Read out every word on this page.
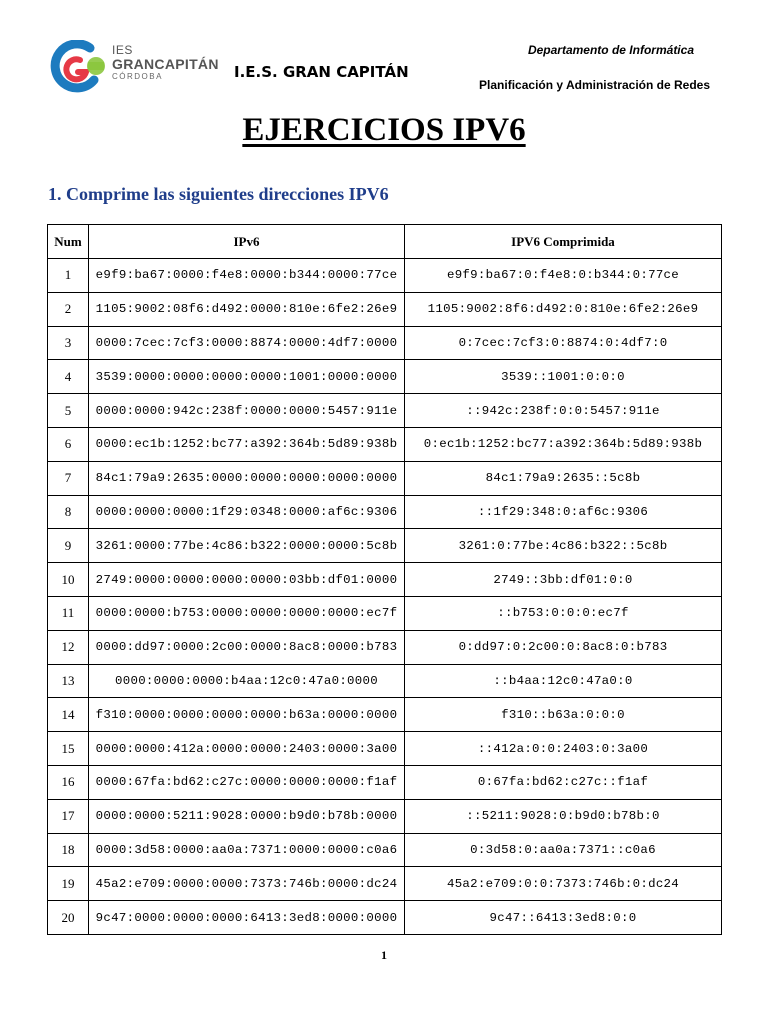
IES
GRANCAPITÁN
CÓRDOBA	I.E.S. GRAN CAPITÁN
Departamento de Informática
Planificación y Administración de Redes
EJERCICIOS IPV6
1. Comprime las siguientes direcciones IPV6
Num	IPv6	IPV6 Comprimida
1	e9f9:ba67:0000:f4e8:0000:b344:0000:77ce	e9f9:ba67:0:f4e8:0:b344:0:77ce
2	1105:9002:08f6:d492:0000:810e:6fe2:26e9	1105:9002:8f6:d492:0:810e:6fe2:26e9
3	0000:7cec:7cf3:0000:8874:0000:4df7:0000	0:7cec:7cf3:0:8874:0:4df7:0
4	3539:0000:0000:0000:0000:1001:0000:0000	3539::1001:0:0:0
5	0000:0000:942c:238f:0000:0000:5457:911e	::942c:238f:0:0:5457:911e
6	0000:ec1b:1252:bc77:a392:364b:5d89:938b	0:ec1b:1252:bc77:a392:364b:5d89:938b
7	84c1:79a9:2635:0000:0000:0000:0000:0000	84c1:79a9:2635::5c8b
8	0000:0000:0000:1f29:0348:0000:af6c:9306	::1f29:348:0:af6c:9306
9	3261:0000:77be:4c86:b322:0000:0000:5c8b	3261:0:77be:4c86:b322::5c8b
10	2749:0000:0000:0000:0000:03bb:df01:0000	2749::3bb:df01:0:0
11	0000:0000:b753:0000:0000:0000:0000:ec7f	::b753:0:0:0:ec7f
12	0000:dd97:0000:2c00:0000:8ac8:0000:b783	0:dd97:0:2c00:0:8ac8:0:b783
13	0000:0000:0000:b4aa:12c0:47a0:0000	::b4aa:12c0:47a0:0
14	f310:0000:0000:0000:0000:b63a:0000:0000	f310::b63a:0:0:0
15	0000:0000:412a:0000:0000:2403:0000:3a00	::412a:0:0:2403:0:3a00
16	0000:67fa:bd62:c27c:0000:0000:0000:f1af	0:67fa:bd62:c27c::f1af
17	0000:0000:5211:9028:0000:b9d0:b78b:0000	::5211:9028:0:b9d0:b78b:0
18	0000:3d58:0000:aa0a:7371:0000:0000:c0a6	0:3d58:0:aa0a:7371::c0a6
19	45a2:e709:0000:0000:7373:746b:0000:dc24	45a2:e709:0:0:7373:746b:0:dc24
20	9c47:0000:0000:0000:6413:3ed8:0000:0000	9c47::6413:3ed8:0:0
1
